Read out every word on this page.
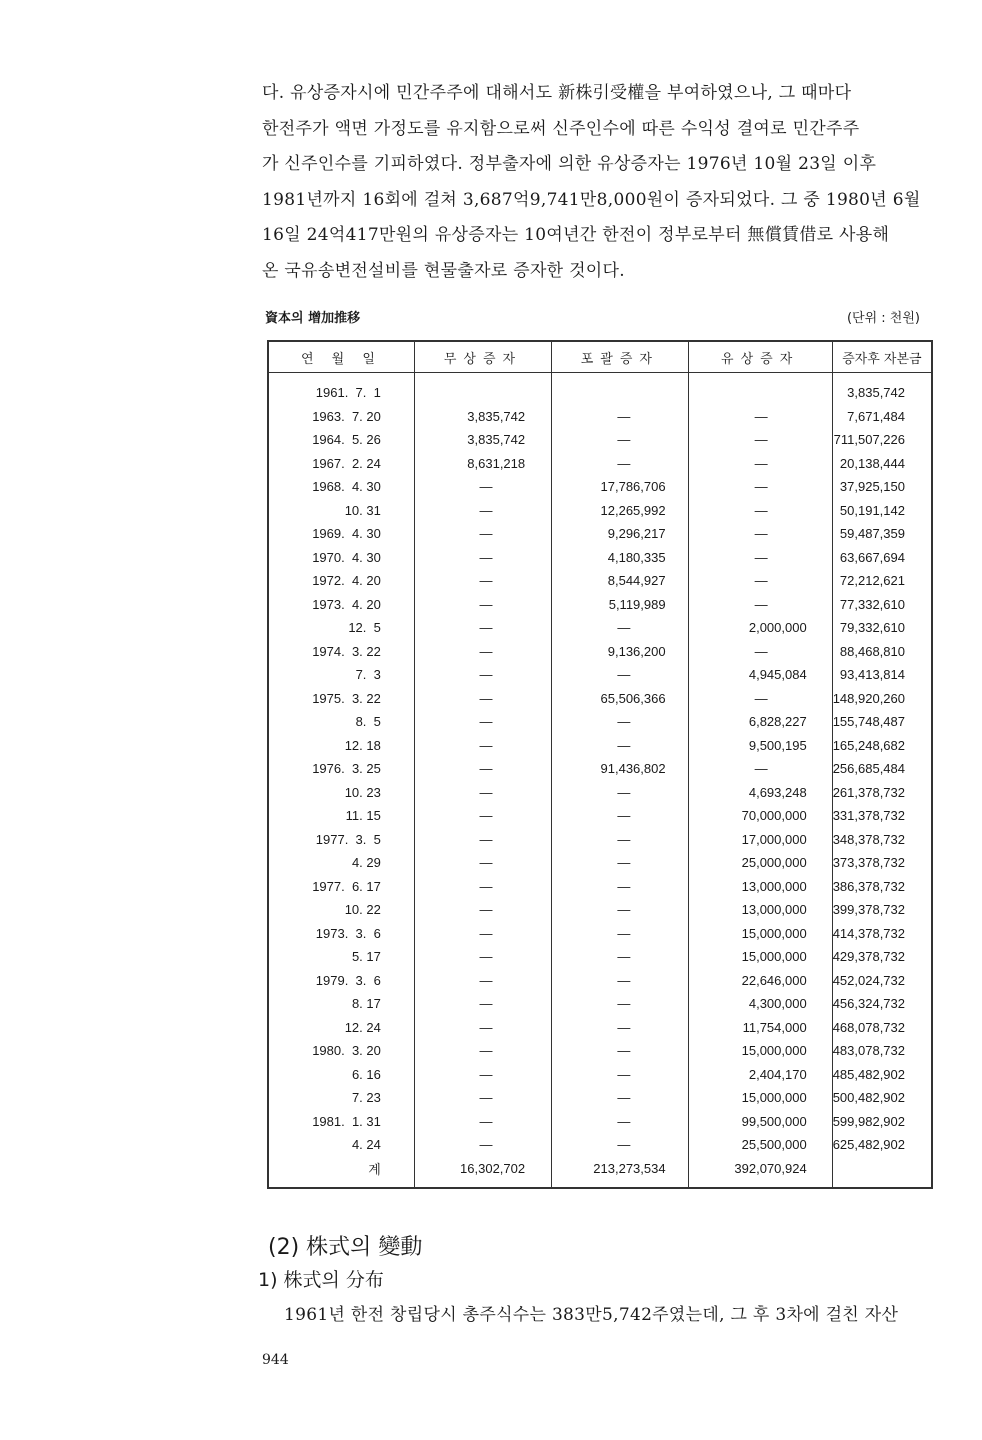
다. 유상증자시에 민간주주에 대해서도 新株引受權을 부여하였으나, 그 때마다
한전주가 액면 가정도를 유지함으로써 신주인수에 따른 수익성 결여로 민간주주
가 신주인수를 기피하였다. 정부출자에 의한 유상증자는 1976년 10월 23일 이후
1981년까지 16회에 걸쳐 3,687억9,741만8,000원이 증자되었다. 그 중 1980년 6월
16일 24억417만원의 유상증자는 10여년간 한전이 정부로부터 無償賃借로 사용해
온 국유송변전설비를 현물출자로 증자한 것이다.
資本의 增加推移	(단위 : 천원)
연 월 일	무상증자	포괄증자	유상증자	증자후 자본금
1961.  7.  1				3,835,742
1963.  7. 20	3,835,742	—	—	7,671,484
1964.  5. 26	3,835,742	—	—	711,507,226
1967.  2. 24	8,631,218	—	—	20,138,444
1968.  4. 30	—	17,786,706	—	37,925,150
10. 31	—	12,265,992	—	50,191,142
1969.  4. 30	—	9,296,217	—	59,487,359
1970.  4. 30	—	4,180,335	—	63,667,694
1972.  4. 20	—	8,544,927	—	72,212,621
1973.  4. 20	—	5,119,989	—	77,332,610
12.  5	—	—	2,000,000	79,332,610
1974.  3. 22	—	9,136,200	—	88,468,810
7.  3	—	—	4,945,084	93,413,814
1975.  3. 22	—	65,506,366	—	148,920,260
8.  5	—	—	6,828,227	155,748,487
12. 18	—	—	9,500,195	165,248,682
1976.  3. 25	—	91,436,802	—	256,685,484
10. 23	—	—	4,693,248	261,378,732
11. 15	—	—	70,000,000	331,378,732
1977.  3.  5	—	—	17,000,000	348,378,732
4. 29	—	—	25,000,000	373,378,732
1977.  6. 17	—	—	13,000,000	386,378,732
10. 22	—	—	13,000,000	399,378,732
1973.  3.  6	—	—	15,000,000	414,378,732
5. 17	—	—	15,000,000	429,378,732
1979.  3.  6	—	—	22,646,000	452,024,732
8. 17	—	—	4,300,000	456,324,732
12. 24	—	—	11,754,000	468,078,732
1980.  3. 20	—	—	15,000,000	483,078,732
6. 16	—	—	2,404,170	485,482,902
7. 23	—	—	15,000,000	500,482,902
1981.  1. 31	—	—	99,500,000	599,982,902
4. 24	—	—	25,500,000	625,482,902
계	16,302,702	213,273,534	392,070,924	
(2) 株式의 變動
1) 株式의 分布
1961년 한전 창립당시 총주식수는 383만5,742주였는데, 그 후 3차에 걸친 자산
944
